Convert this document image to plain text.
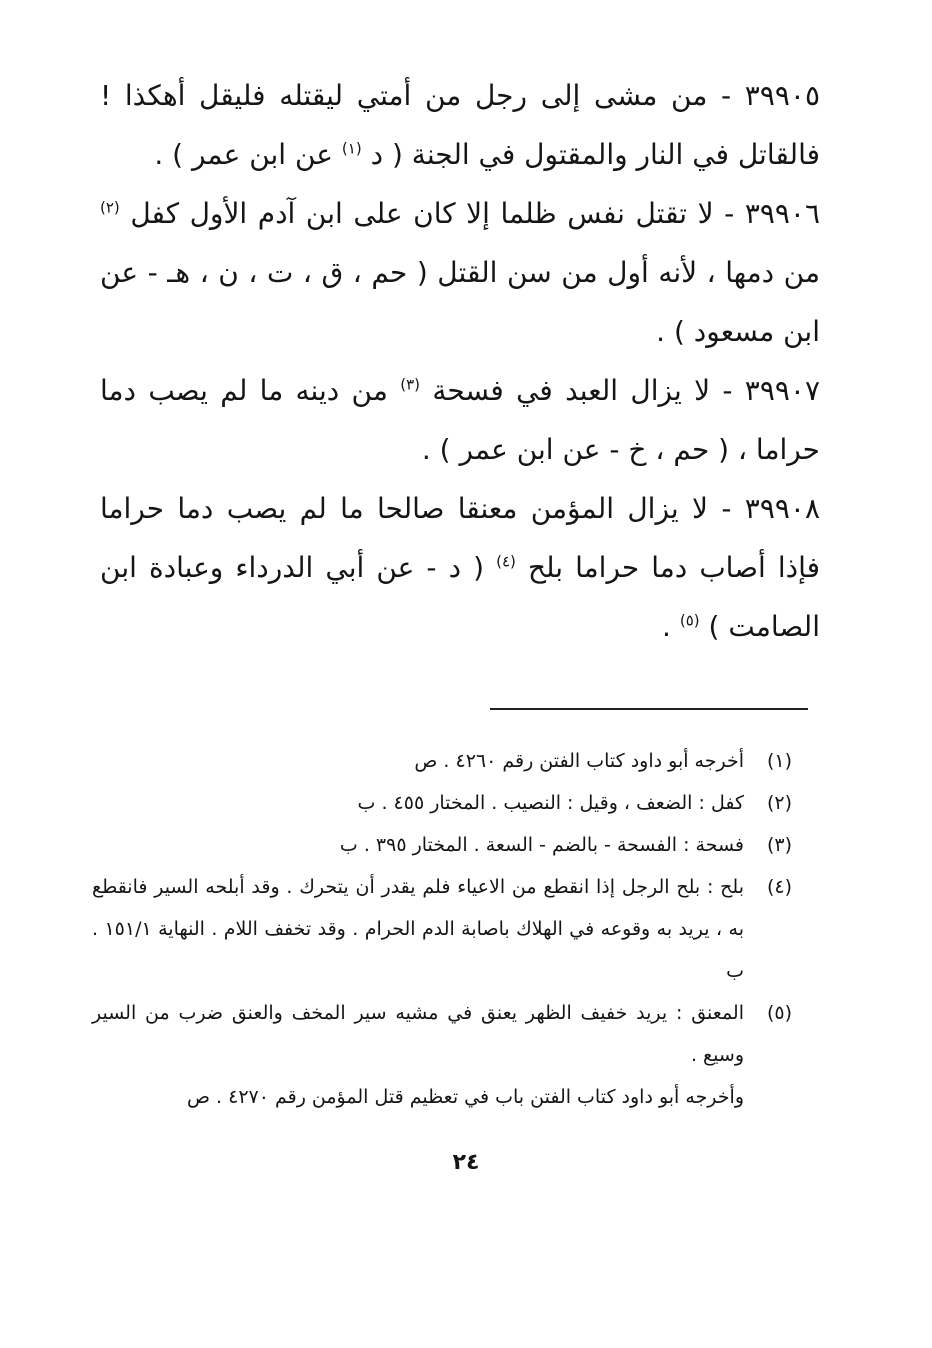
٣٩٩٠٥ - من مشى إلى رجل من أمتي ليقتله فليقل أهكذا ! فالقاتل في النار والمقتول في الجنة ( د $^{(١)}$ عن ابن عمر ) .

٣٩٩٠٦ - لا تقتل نفس ظلما إلا كان على ابن آدم الأول كفل $^{(٢)}$ من دمها ، لأنه أول من سن القتل ( حم ، ق ، ت ، ن ، هـ - عن ابن مسعود ) .

٣٩٩٠٧ - لا يزال العبد في فسحة $^{(٣)}$ من دينه ما لم يصب دما حراما ، ( حم ، خ - عن ابن عمر ) .

٣٩٩٠٨ - لا يزال المؤمن معنقا صالحا ما لم يصب دما حراما فإذا أصاب دما حراما بلح $^{(٤)}$ ( د - عن أبي الدرداء وعبادة ابن الصامت ) $^{(٥)}$ .

(١)
أخرجه أبو داود كتاب الفتن رقم ٤٢٦٠ . ص
(٢)
كفل : الضعف ، وقيل : النصيب . المختار ٤٥٥ . ب
(٣)
فسحة : الفسحة - بالضم - السعة . المختار ٣٩٥ . ب
(٤)
بلح : بلح الرجل إذا انقطع من الاعياء فلم يقدر أن يتحرك . وقد أبلحه السير فانقطع به ، يريد به وقوعه في الهلاك باصابة الدم الحرام . وقد تخفف اللام . النهاية ١٥١/١ . ب
(٥)
المعنق : يريد خفيف الظهر يعنق في مشيه سير المخف والعنق ضرب من السير وسيع .
وأخرجه أبو داود كتاب الفتن باب في تعظيم قتل المؤمن رقم ٤٢٧٠ . ص
٢٤
